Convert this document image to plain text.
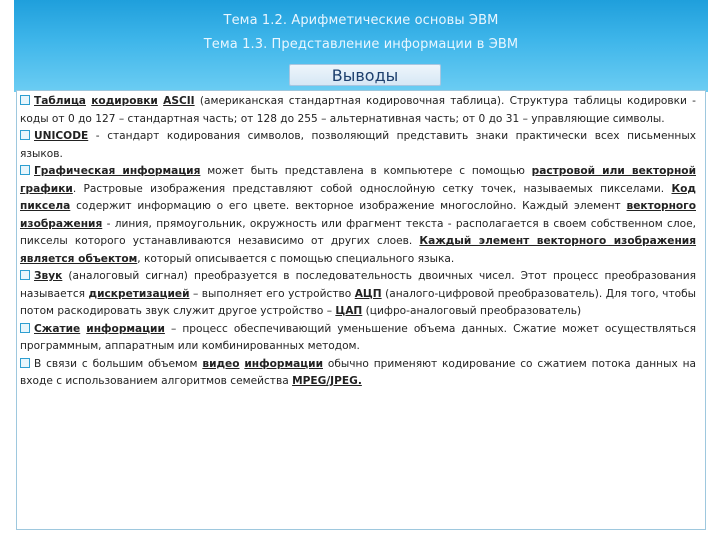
Тема 1.2. Арифметические основы ЭВМ
Тема 1.3. Представление информации в ЭВМ
Выводы

Таблица кодировки ASCII (американская стандартная кодировочная таблица). Структура таблицы кодировки - коды от 0 до 127 – стандартная часть; от 128 до 255 – альтернативная часть; от 0 до 31 – управляющие символы.

UNICODE - стандарт кодирования символов, позволяющий представить знаки практически всех письменных языков.

Графическая информация может быть представлена в компьютере с помощью растровой или векторной графики. Растровые изображения представляют собой однослойную сетку точек, называемых пикселами. Код пиксела содержит информацию о его цвете. векторное изображение многослойно. Каждый элемент векторного изображения - линия, прямоугольник, окружность или фрагмент текста - располагается в своем собственном слое, пикселы которого устанавливаются независимо от других слоев. Каждый элемент векторного изображения является объектом, который описывается с помощью специального языка.

Звук (аналоговый сигнал) преобразуется в последовательность двоичных чисел. Этот процесс преобразования называется дискретизацией – выполняет его устройство АЦП (аналого-цифровой преобразователь). Для того, чтобы потом раскодировать звук служит другое устройство – ЦАП (цифро-аналоговый преобразователь)

Сжатие информации – процесс обеспечивающий уменьшение объема данных. Сжатие может осуществляться программным, аппаратным или комбинированных методом.

В связи с большим объемом видео информации обычно применяют кодирование со сжатием потока данных на входе с использованием алгоритмов семейства MPEG/JPEG.
